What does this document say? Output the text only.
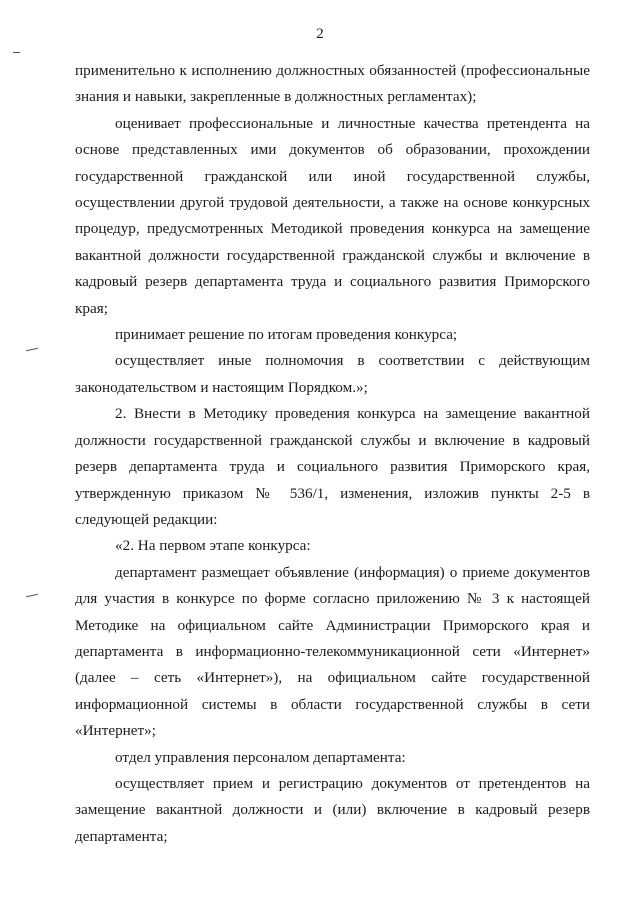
2

применительно к исполнению должностных обязанностей (профессиональные знания и навыки, закрепленные в должностных регламентах);

оценивает профессиональные и личностные качества претендента на основе представленных ими документов об образовании, прохождении государственной гражданской или иной государственной службы, осуществлении другой трудовой деятельности, а также на основе конкурсных процедур, предусмотренных Методикой проведения конкурса на замещение вакантной должности государственной гражданской службы и включение в кадровый резерв департамента труда и социального развития Приморского края;

принимает решение по итогам проведения конкурса;

осуществляет иные полномочия в соответствии с действующим законодательством и настоящим Порядком.»;

2. Внести в Методику проведения конкурса на замещение вакантной должности государственной гражданской службы и включение в кадровый резерв департамента труда и социального развития Приморского края, утвержденную приказом № 536/1, изменения, изложив пункты 2-5 в следующей редакции:

«2. На первом этапе конкурса:

департамент размещает объявление (информация) о приеме документов для участия в конкурсе по форме согласно приложению № 3 к настоящей Методике на официальном сайте Администрации Приморского края и департамента в информационно-телекоммуникационной сети «Интернет» (далее – сеть «Интернет»), на официальном сайте государственной информационной системы в области государственной службы в сети «Интернет»;

отдел управления персоналом департамента:

осуществляет прием и регистрацию документов от претендентов на замещение вакантной должности и (или) включение в кадровый резерв департамента;
